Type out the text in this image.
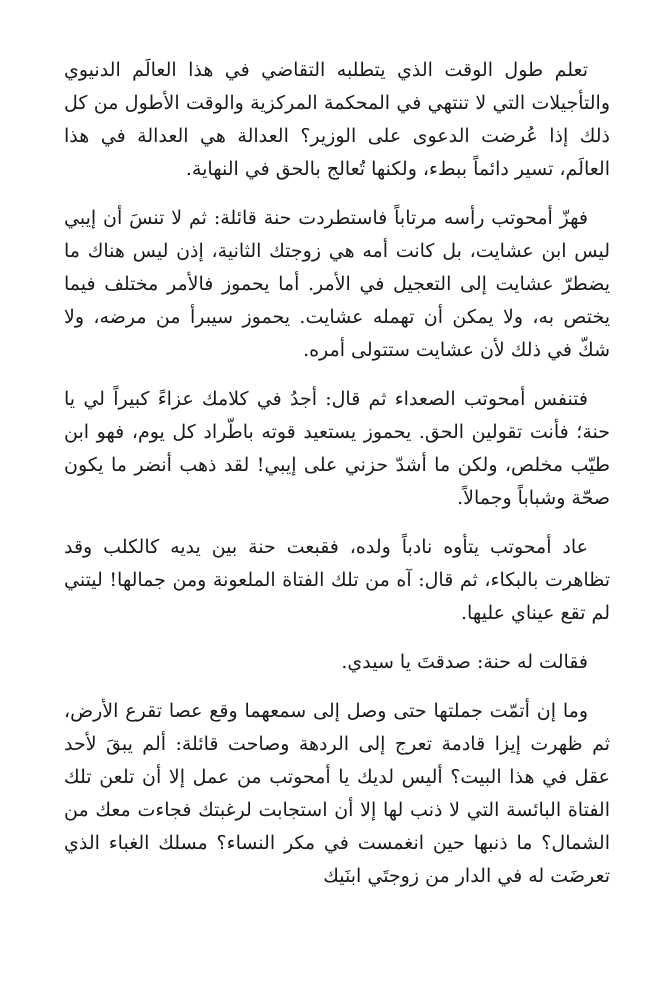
تعلم طول الوقت الذي يتطلبه التقاضي في هذا العالَم الدنيوي والتأجيلات التي لا تنتهي في المحكمة المركزية والوقت الأطول من كل ذلك إذا عُرضت الدعوى على الوزير؟ العدالة هي العدالة في هذا العالَم، تسير دائماً ببطء، ولكنها تُعالج بالحق في النهاية.

فهزّ أمحوتب رأسه مرتاباً فاستطردت حنة قائلة: ثم لا تنسَ أن إيبي ليس ابن عشايت، بل كانت أمه هي زوجتك الثانية، إذن ليس هناك ما يضطرّ عشايت إلى التعجيل في الأمر. أما يحموز فالأمر مختلف فيما يختص به، ولا يمكن أن تهمله عشايت. يحموز سيبرأ من مرضه، ولا شكّ في ذلك لأن عشايت ستتولى أمره.

فتنفس أمحوتب الصعداء ثم قال: أجدُ في كلامك عزاءً كبيراً لي يا حنة؛ فأنت تقولين الحق. يحموز يستعيد قوته باطّراد كل يوم، فهو ابن طيّب مخلص، ولكن ما أشدّ حزني على إيبي! لقد ذهب أنضر ما يكون صحّة وشباباً وجمالاً.

عاد أمحوتب يتأوه نادباً ولده، فقبعت حنة بين يديه كالكلب وقد تظاهرت بالبكاء، ثم قال: آه من تلك الفتاة الملعونة ومن جمالها! ليتني لم تقع عيناي عليها.

فقالت له حنة: صدقتَ يا سيدي.

وما إن أتمّت جملتها حتى وصل إلى سمعهما وقع عصا تقرع الأرض، ثم ظهرت إيزا قادمة تعرج إلى الردهة وصاحت قائلة: ألم يبقَ لأحد عقل في هذا البيت؟ أليس لديك يا أمحوتب من عمل إلا أن تلعن تلك الفتاة البائسة التي لا ذنب لها إلا أن استجابت لرغبتك فجاءت معك من الشمال؟ ما ذنبها حين انغمست في مكر النساء؟ مسلك الغباء الذي تعرضَت له في الدار من زوجتَي ابنَيك
